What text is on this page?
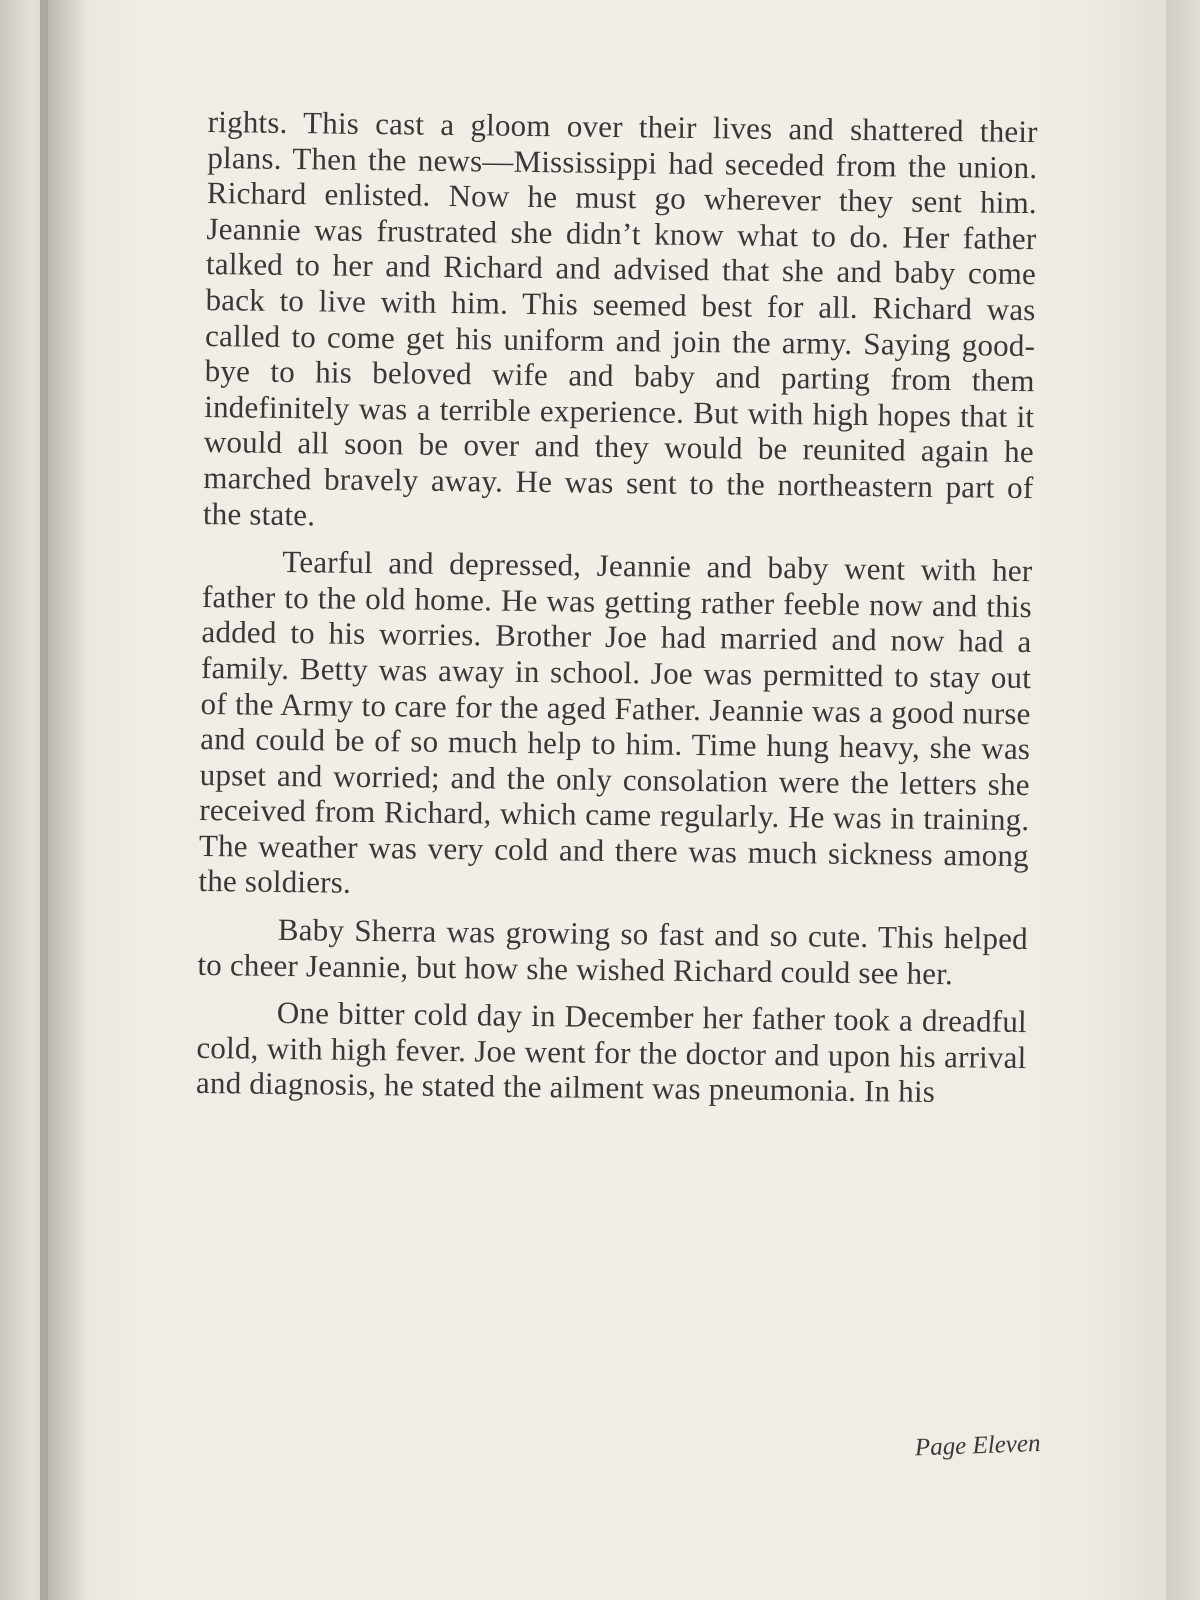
rights. This cast a gloom over their lives and shattered their plans. Then the news—Mississippi had seceded from the union. Richard enlisted. Now he must go wherever they sent him. Jeannie was frustrated she didn’t know what to do. Her father talked to her and Richard and advised that she and baby come back to live with him. This seemed best for all. Richard was called to come get his uniform and join the army. Saying good-bye to his beloved wife and baby and parting from them indefinitely was a terrible experience. But with high hopes that it would all soon be over and they would be reunited again he marched bravely away. He was sent to the northeastern part of the state.

Tearful and depressed, Jeannie and baby went with her father to the old home. He was getting rather feeble now and this added to his worries. Brother Joe had married and now had a family. Betty was away in school. Joe was permitted to stay out of the Army to care for the aged Father. Jeannie was a good nurse and could be of so much help to him. Time hung heavy, she was upset and worried; and the only consolation were the letters she received from Richard, which came regularly. He was in training. The weather was very cold and there was much sickness among the soldiers.

Baby Sherra was growing so fast and so cute. This helped to cheer Jeannie, but how she wished Richard could see her.

One bitter cold day in December her father took a dreadful cold, with high fever. Joe went for the doctor and upon his arrival and diagnosis, he stated the ailment was pneumonia. In his

Page Eleven
